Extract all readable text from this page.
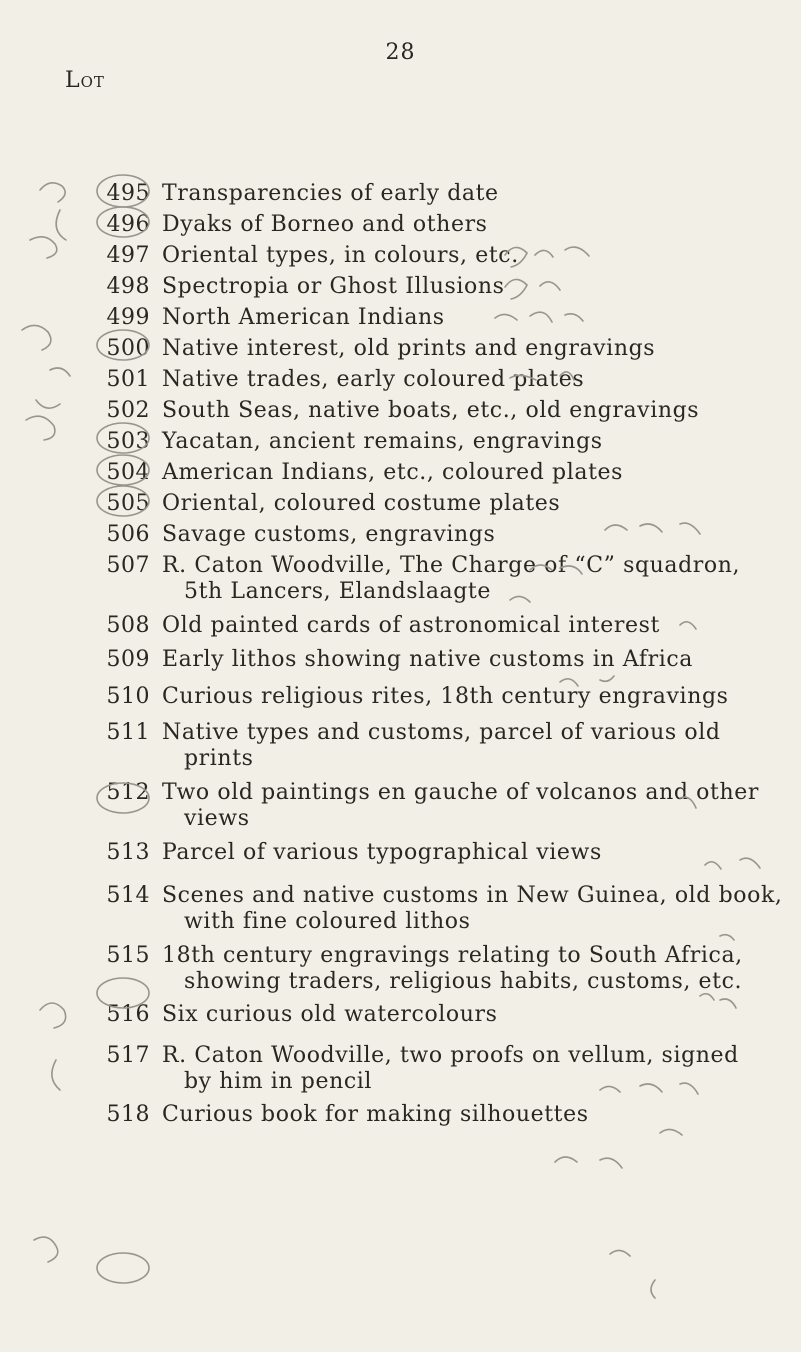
28
Lot
495 Transparencies of early date
496 Dyaks of Borneo and others
497 Oriental types, in colours, etc.
498 Spectropia or Ghost Illusions
499 North American Indians
500 Native interest, old prints and engravings
501 Native trades, early coloured plates
502 South Seas, native boats, etc., old engravings
503 Yacatan, ancient remains, engravings
504 American Indians, etc., coloured plates
505 Oriental, coloured costume plates
506 Savage customs, engravings
507 R. Caton Woodville, The Charge of “C” squadron,
5th Lancers, Elandslaagte
508 Old painted cards of astronomical interest
509 Early lithos showing native customs in Africa
510 Curious religious rites, 18th century engravings
511 Native types and customs, parcel of various old
prints
512 Two old paintings en gauche of volcanos and other
views
513 Parcel of various typographical views
514 Scenes and native customs in New Guinea, old book,
with fine coloured lithos
515 18th century engravings relating to South Africa,
showing traders, religious habits, customs, etc.
516 Six curious old watercolours
517 R. Caton Woodville, two proofs on vellum, signed
by him in pencil
518 Curious book for making silhouettes
